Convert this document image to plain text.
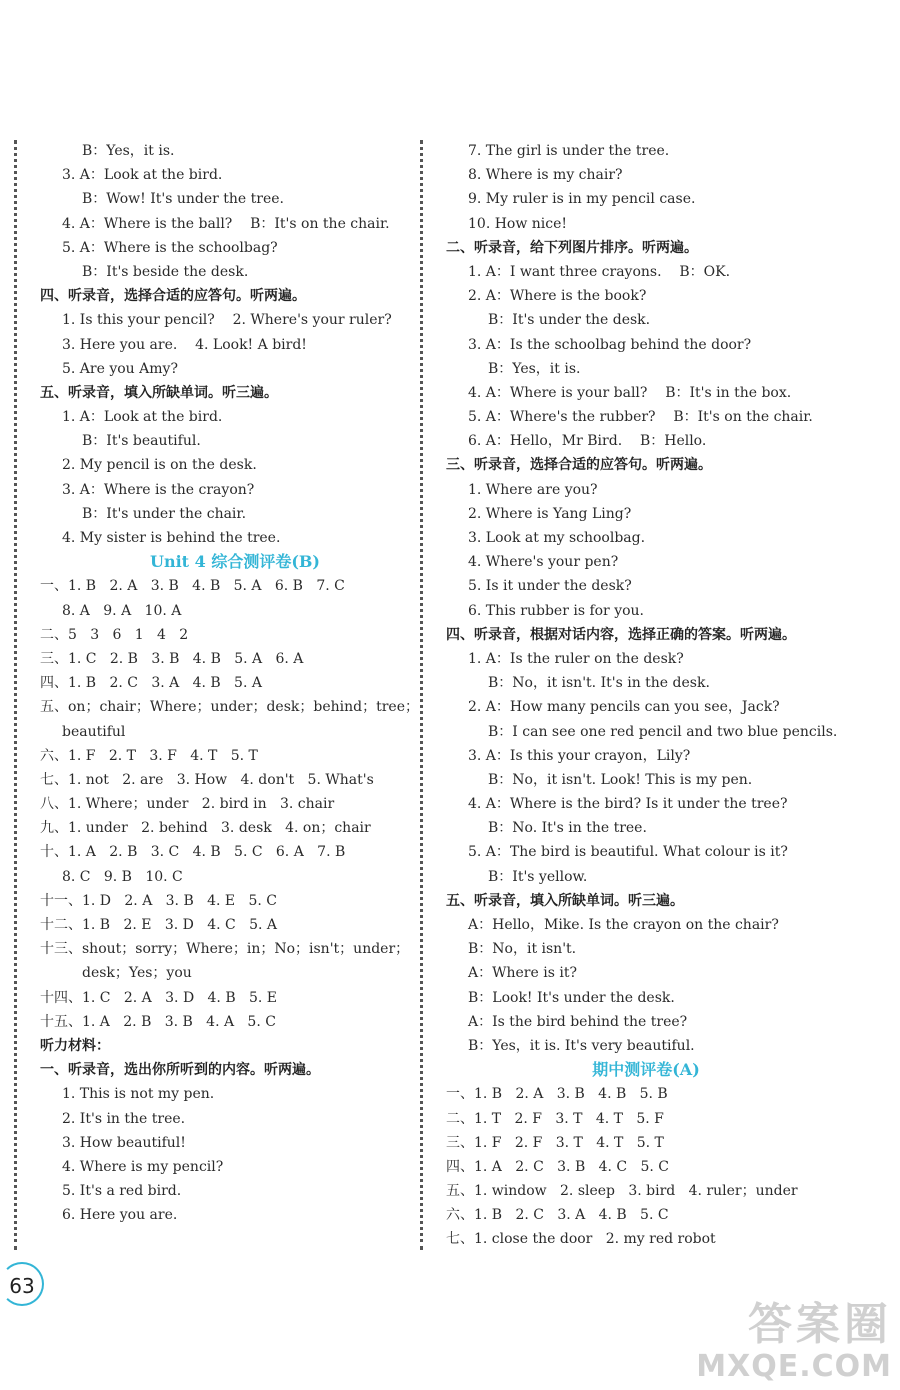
B：Yes，it is.
3. A：Look at the bird.
B：Wow! It's under the tree.
4. A：Where is the ball?    B：It's on the chair.
5. A：Where is the schoolbag?
B：It's beside the desk.
四、听录音，选择合适的应答句。听两遍。
1. Is this your pencil?    2. Where's your ruler?
3. Here you are.    4. Look! A bird!
5. Are you Amy?
五、听录音，填入所缺单词。听三遍。
1. A：Look at the bird.
B：It's beautiful.
2. My pencil is on the desk.
3. A：Where is the crayon?
B：It's under the chair.
4. My sister is behind the tree.
Unit 4 综合测评卷(B)
一、1. B   2. A   3. B   4. B   5. A   6. B   7. C
8. A   9. A   10. A
二、5   3   6   1   4   2
三、1. C   2. B   3. B   4. B   5. A   6. A
四、1. B   2. C   3. A   4. B   5. A
五、on；chair；Where；under；desk；behind；tree；
beautiful
六、1. F   2. T   3. F   4. T   5. T
七、1. not   2. are   3. How   4. don't   5. What's
八、1. Where；under   2. bird in   3. chair
九、1. under   2. behind   3. desk   4. on；chair
十、1. A   2. B   3. C   4. B   5. C   6. A   7. B
8. C   9. B   10. C
十一、1. D   2. A   3. B   4. E   5. C
十二、1. B   2. E   3. D   4. C   5. A
十三、shout；sorry；Where；in；No；isn't；under；
desk；Yes；you
十四、1. C   2. A   3. D   4. B   5. E
十五、1. A   2. B   3. B   4. A   5. C
听力材料：
一、听录音，选出你所听到的内容。听两遍。
1. This is not my pen.
2. It's in the tree.
3. How beautiful!
4. Where is my pencil?
5. It's a red bird.
6. Here you are.
7. The girl is under the tree.
8. Where is my chair?
9. My ruler is in my pencil case.
10. How nice!
二、听录音，给下列图片排序。听两遍。
1. A：I want three crayons.    B：OK.
2. A：Where is the book?
B：It's under the desk.
3. A：Is the schoolbag behind the door?
B：Yes，it is.
4. A：Where is your ball?    B：It's in the box.
5. A：Where's the rubber?    B：It's on the chair.
6. A：Hello，Mr Bird.    B：Hello.
三、听录音，选择合适的应答句。听两遍。
1. Where are you?
2. Where is Yang Ling?
3. Look at my schoolbag.
4. Where's your pen?
5. Is it under the desk?
6. This rubber is for you.
四、听录音，根据对话内容，选择正确的答案。听两遍。
1. A：Is the ruler on the desk?
B：No，it isn't. It's in the desk.
2. A：How many pencils can you see，Jack?
B：I can see one red pencil and two blue pencils.
3. A：Is this your crayon，Lily?
B：No，it isn't. Look! This is my pen.
4. A：Where is the bird? Is it under the tree?
B：No. It's in the tree.
5. A：The bird is beautiful. What colour is it?
B：It's yellow.
五、听录音，填入所缺单词。听三遍。
A：Hello，Mike. Is the crayon on the chair?
B：No，it isn't.
A：Where is it?
B：Look! It's under the desk.
A：Is the bird behind the tree?
B：Yes，it is. It's very beautiful.
期中测评卷(A)
一、1. B   2. A   3. B   4. B   5. B
二、1. T   2. F   3. T   4. T   5. F
三、1. F   2. F   3. T   4. T   5. T
四、1. A   2. C   3. B   4. C   5. C
五、1. window   2. sleep   3. bird   4. ruler；under
六、1. B   2. C   3. A   4. B   5. C
七、1. close the door   2. my red robot
63
答案圈
MXQE.COM
